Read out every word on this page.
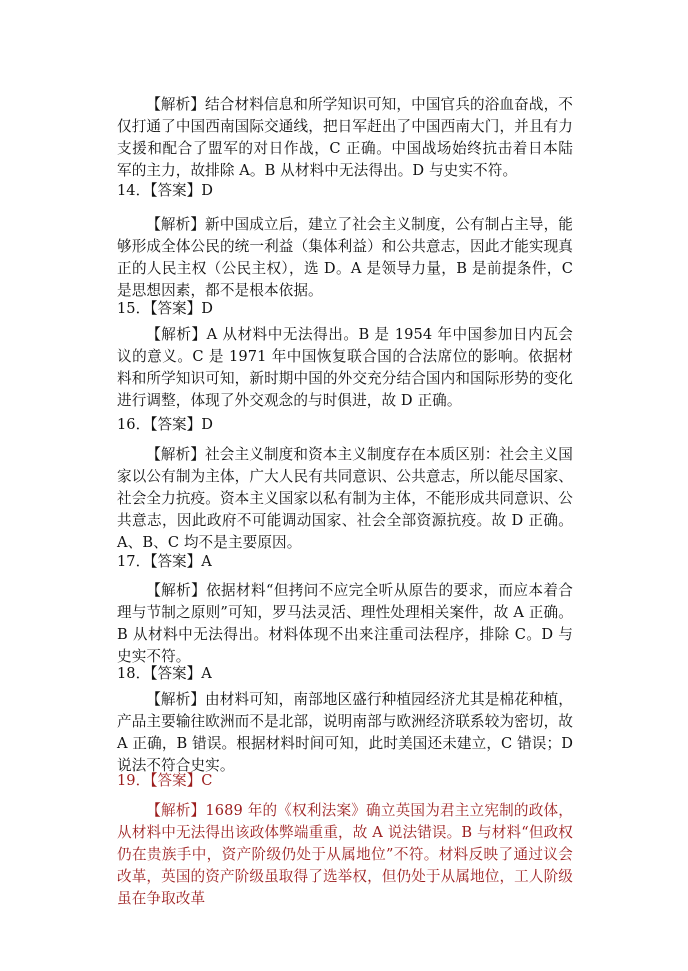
【解析】结合材料信息和所学知识可知，中国官兵的浴血奋战，不仅打通了中国西南国际交通线，把日军赶出了中国西南大门，并且有力支援和配合了盟军的对日作战，C 正确。中国战场始终抗击着日本陆军的主力，故排除 A。B 从材料中无法得出。D 与史实不符。

14．【答案】D

【解析】新中国成立后，建立了社会主义制度，公有制占主导，能够形成全体公民的统一利益（集体利益）和公共意志，因此才能实现真正的人民主权（公民主权），选 D。A 是领导力量，B 是前提条件，C 是思想因素，都不是根本依据。

15．【答案】D

【解析】A 从材料中无法得出。B 是 1954 年中国参加日内瓦会议的意义。C 是 1971 年中国恢复联合国的合法席位的影响。依据材料和所学知识可知，新时期中国的外交充分结合国内和国际形势的变化进行调整，体现了外交观念的与时俱进，故 D 正确。

16．【答案】D

【解析】社会主义制度和资本主义制度存在本质区别：社会主义国家以公有制为主体，广大人民有共同意识、公共意志，所以能尽国家、社会全力抗疫。资本主义国家以私有制为主体，不能形成共同意识、公共意志，因此政府不可能调动国家、社会全部资源抗疫。故 D 正确。A、B、C 均不是主要原因。

17．【答案】A

【解析】依据材料“但拷问不应完全听从原告的要求，而应本着合理与节制之原则”可知，罗马法灵活、理性处理相关案件，故 A 正确。B 从材料中无法得出。材料体现不出来注重司法程序，排除 C。D 与史实不符。

18．【答案】A

【解析】由材料可知，南部地区盛行种植园经济尤其是棉花种植，产品主要输往欧洲而不是北部，说明南部与欧洲经济联系较为密切，故 A 正确，B 错误。根据材料时间可知，此时美国还未建立，C 错误；D 说法不符合史实。

19．【答案】C

【解析】1689 年的《权利法案》确立英国为君主立宪制的政体，从材料中无法得出该政体弊端重重，故 A 说法错误。B 与材料“但政权仍在贵族手中，资产阶级仍处于从属地位”不符。材料反映了通过议会改革，英国的资产阶级虽取得了选举权，但仍处于从属地位，工人阶级虽在争取改革
